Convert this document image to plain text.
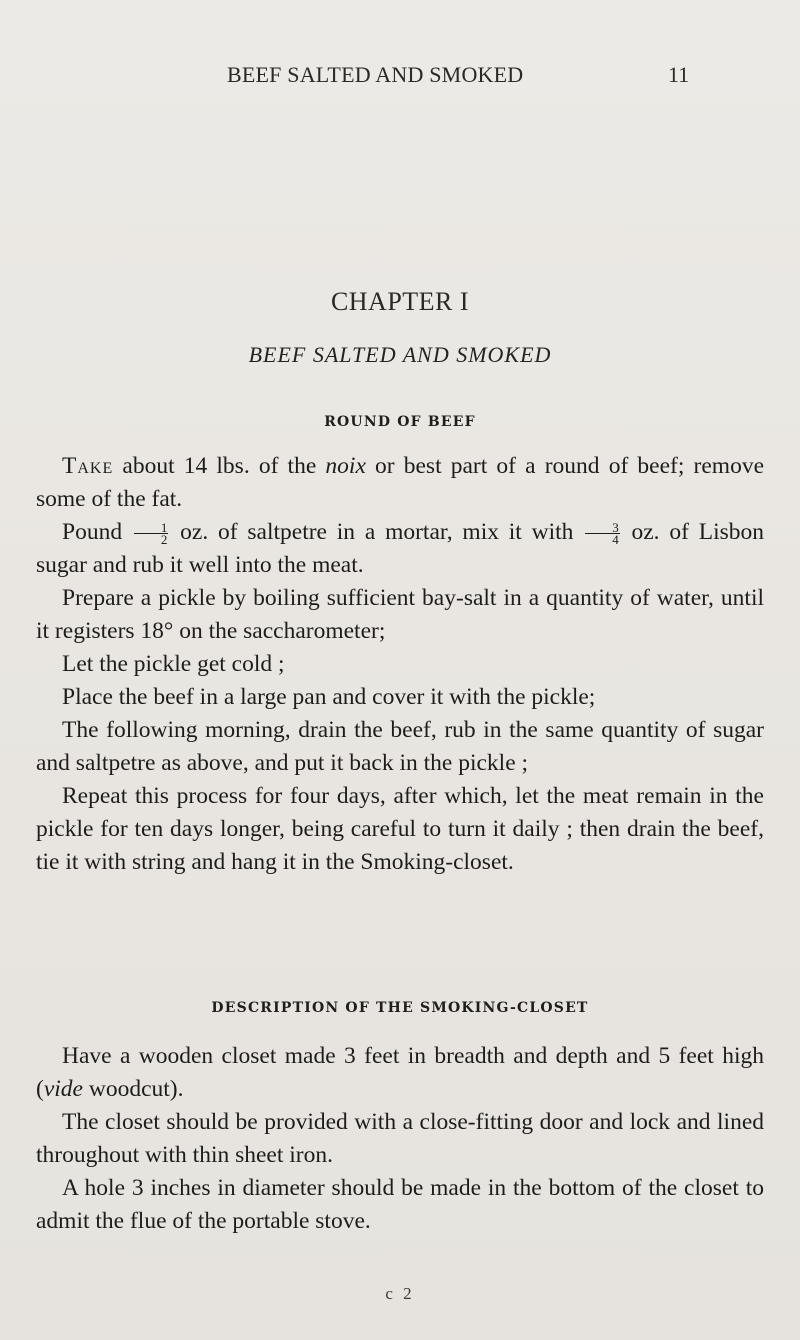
BEEF SALTED AND SMOKED	11
CHAPTER I
BEEF SALTED AND SMOKED
ROUND OF BEEF

Take about 14 lbs. of the noix or best part of a round of beef; remove some of the fat.

Pound $\frac{1}{2}$ oz. of saltpetre in a mortar, mix it with $\frac{3}{4}$ oz. of Lisbon sugar and rub it well into the meat.

Prepare a pickle by boiling sufficient bay-salt in a quantity of water, until it registers 18° on the saccharometer;

Let the pickle get cold ;

Place the beef in a large pan and cover it with the pickle;

The following morning, drain the beef, rub in the same quantity of sugar and saltpetre as above, and put it back in the pickle ;

Repeat this process for four days, after which, let the meat remain in the pickle for ten days longer, being careful to turn it daily ; then drain the beef, tie it with string and hang it in the Smoking-closet.

DESCRIPTION OF THE SMOKING-CLOSET

Have a wooden closet made 3 feet in breadth and depth and 5 feet high (vide woodcut).

The closet should be provided with a close-fitting door and lock and lined throughout with thin sheet iron.

A hole 3 inches in diameter should be made in the bottom of the closet to admit the flue of the portable stove.

c 2
